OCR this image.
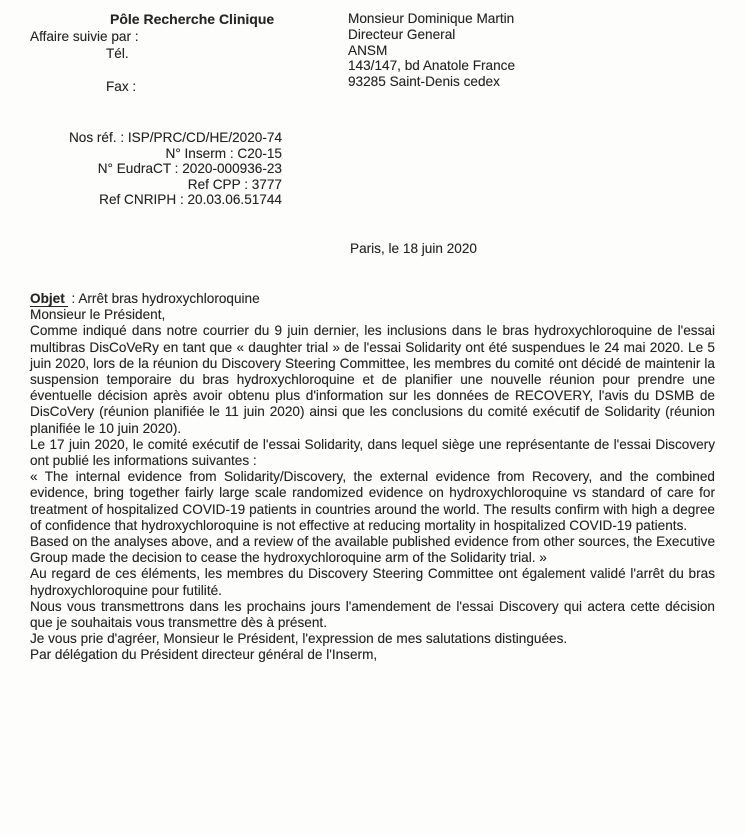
Pôle Recherche Clinique
Affaire suivie par :
Tél.
Fax :
Monsieur Dominique Martin
Directeur General
ANSM
143/147, bd Anatole France
93285 Saint-Denis cedex
Nos réf. : ISP/PRC/CD/HE/2020-74
N° Inserm : C20-15
N° EudraCT : 2020-000936-23
Ref CPP : 3777
Ref CNRIPH : 20.03.06.51744
Paris, le 18 juin 2020

Objet : Arrêt bras hydroxychloroquine

Monsieur le Président,

Comme indiqué dans notre courrier du 9 juin dernier, les inclusions dans le bras hydroxychloroquine de l'essai multibras DisCoVeRy en tant que « daughter trial » de l'essai Solidarity ont été suspendues le 24 mai 2020. Le 5 juin 2020, lors de la réunion du Discovery Steering Committee, les membres du comité ont décidé de maintenir la suspension temporaire du bras hydroxychloroquine et de planifier une nouvelle réunion pour prendre une éventuelle décision après avoir obtenu plus d'information sur les données de RECOVERY, l'avis du DSMB de DisCoVery (réunion planifiée le 11 juin 2020) ainsi que les conclusions du comité exécutif de Solidarity (réunion planifiée le 10 juin 2020).

Le 17 juin 2020, le comité exécutif de l'essai Solidarity, dans lequel siège une représentante de l'essai Discovery ont publié les informations suivantes :

« The internal evidence from Solidarity/Discovery, the external evidence from Recovery, and the combined evidence, bring together fairly large scale randomized evidence on hydroxychloroquine vs standard of care for treatment of hospitalized COVID-19 patients in countries around the world. The results confirm with high a degree of confidence that hydroxychloroquine is not effective at reducing mortality in hospitalized COVID-19 patients.

Based on the analyses above, and a review of the available published evidence from other sources, the Executive Group made the decision to cease the hydroxychloroquine arm of the Solidarity trial. »

Au regard de ces éléments, les membres du Discovery Steering Committee ont également validé l'arrêt du bras hydroxychloroquine pour futilité.

Nous vous transmettrons dans les prochains jours l'amendement de l'essai Discovery qui actera cette décision que je souhaitais vous transmettre dès à présent.

Je vous prie d'agréer, Monsieur le Président, l'expression de mes salutations distinguées.

Par délégation du Président directeur général de l'Inserm,
